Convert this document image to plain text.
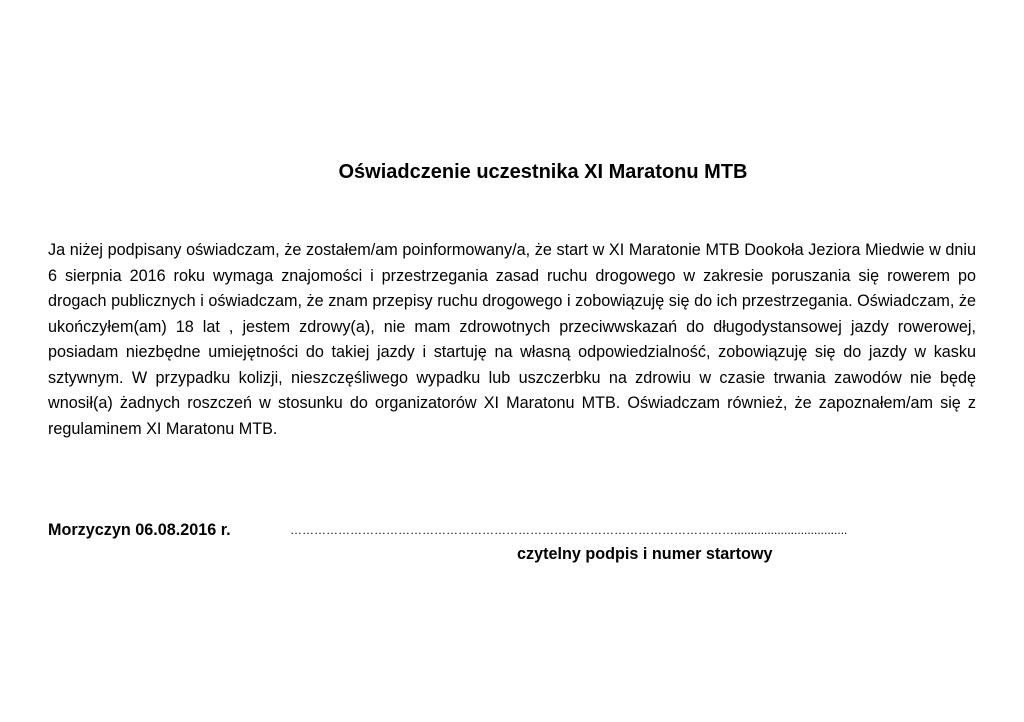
Oświadczenie uczestnika XI Maratonu MTB

Ja niżej podpisany oświadczam, że zostałem/am poinformowany/a, że start w XI Maratonie MTB Dookoła Jeziora Miedwie w dniu 6 sierpnia 2016 roku wymaga znajomości i przestrzegania zasad ruchu drogowego w zakresie poruszania się rowerem po drogach publicznych i oświadczam, że znam przepisy ruchu drogowego i zobowiązuję się do ich przestrzegania. Oświadczam, że ukończyłem(am) 18 lat , jestem zdrowy(a), nie mam zdrowotnych przeciwwskazań do długodystansowej jazdy rowerowej, posiadam niezbędne umiejętności do takiej jazdy i startuję na własną odpowiedzialność, zobowiązuję się do jazdy w kasku sztywnym. W przypadku kolizji, nieszczęśliwego wypadku lub uszczerbku na zdrowiu w czasie trwania zawodów nie będę wnosił(a) żadnych roszczeń w stosunku do organizatorów XI Maratonu MTB. Oświadczam również, że zapoznałem/am się z regulaminem XI Maratonu MTB.

Morzyczyn 06.08.2016 r.	…………………………………………………………………………………………………..................................
czytelny podpis i numer startowy
